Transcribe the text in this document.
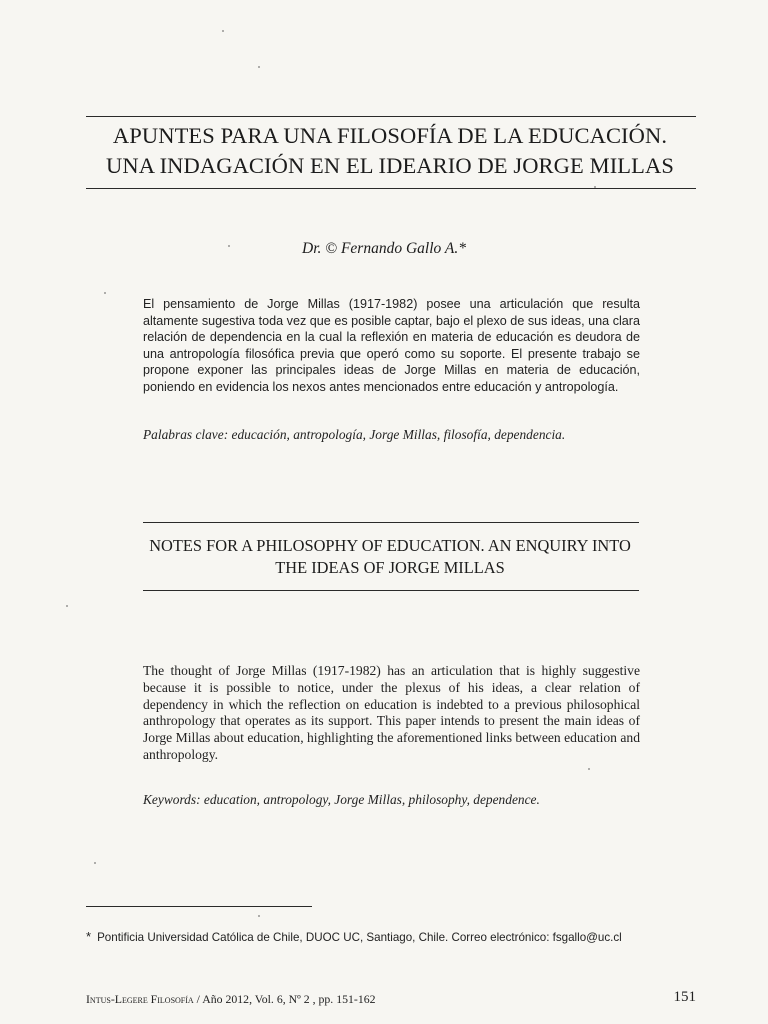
APUNTES PARA UNA FILOSOFÍA DE LA EDUCACIÓN.
UNA INDAGACIÓN EN EL IDEARIO DE JORGE MILLAS
Dr. © Fernando Gallo A.*
El pensamiento de Jorge Millas (1917-1982) posee una articulación que resulta altamente sugestiva toda vez que es posible captar, bajo el plexo de sus ideas, una clara relación de dependencia en la cual la reflexión en materia de educación es deudora de una antropología filosófica previa que operó como su soporte. El presente trabajo se propone exponer las principales ideas de Jorge Millas en materia de educación, poniendo en evidencia los nexos antes mencionados entre educación y antropología.
Palabras clave: educación, antropología, Jorge Millas, filosofía, dependencia.
NOTES FOR A PHILOSOPHY OF EDUCATION. AN ENQUIRY INTO
THE IDEAS OF JORGE MILLAS
The thought of Jorge Millas (1917-1982) has an articulation that is highly suggestive because it is possible to notice, under the plexus of his ideas, a clear relation of dependency in which the reflection on education is indebted to a previous philosophical anthropology that operates as its support. This paper intends to present the main ideas of Jorge Millas about education, highlighting the aforementioned links between education and anthropology.
Keywords: education, antropology, Jorge Millas, philosophy, dependence.
* Pontificia Universidad Católica de Chile, DUOC UC, Santiago, Chile. Correo electrónico: fsgallo@uc.cl
Intus-Legere Filosofía / Año 2012, Vol. 6, Nº 2 , pp. 151-162	151
